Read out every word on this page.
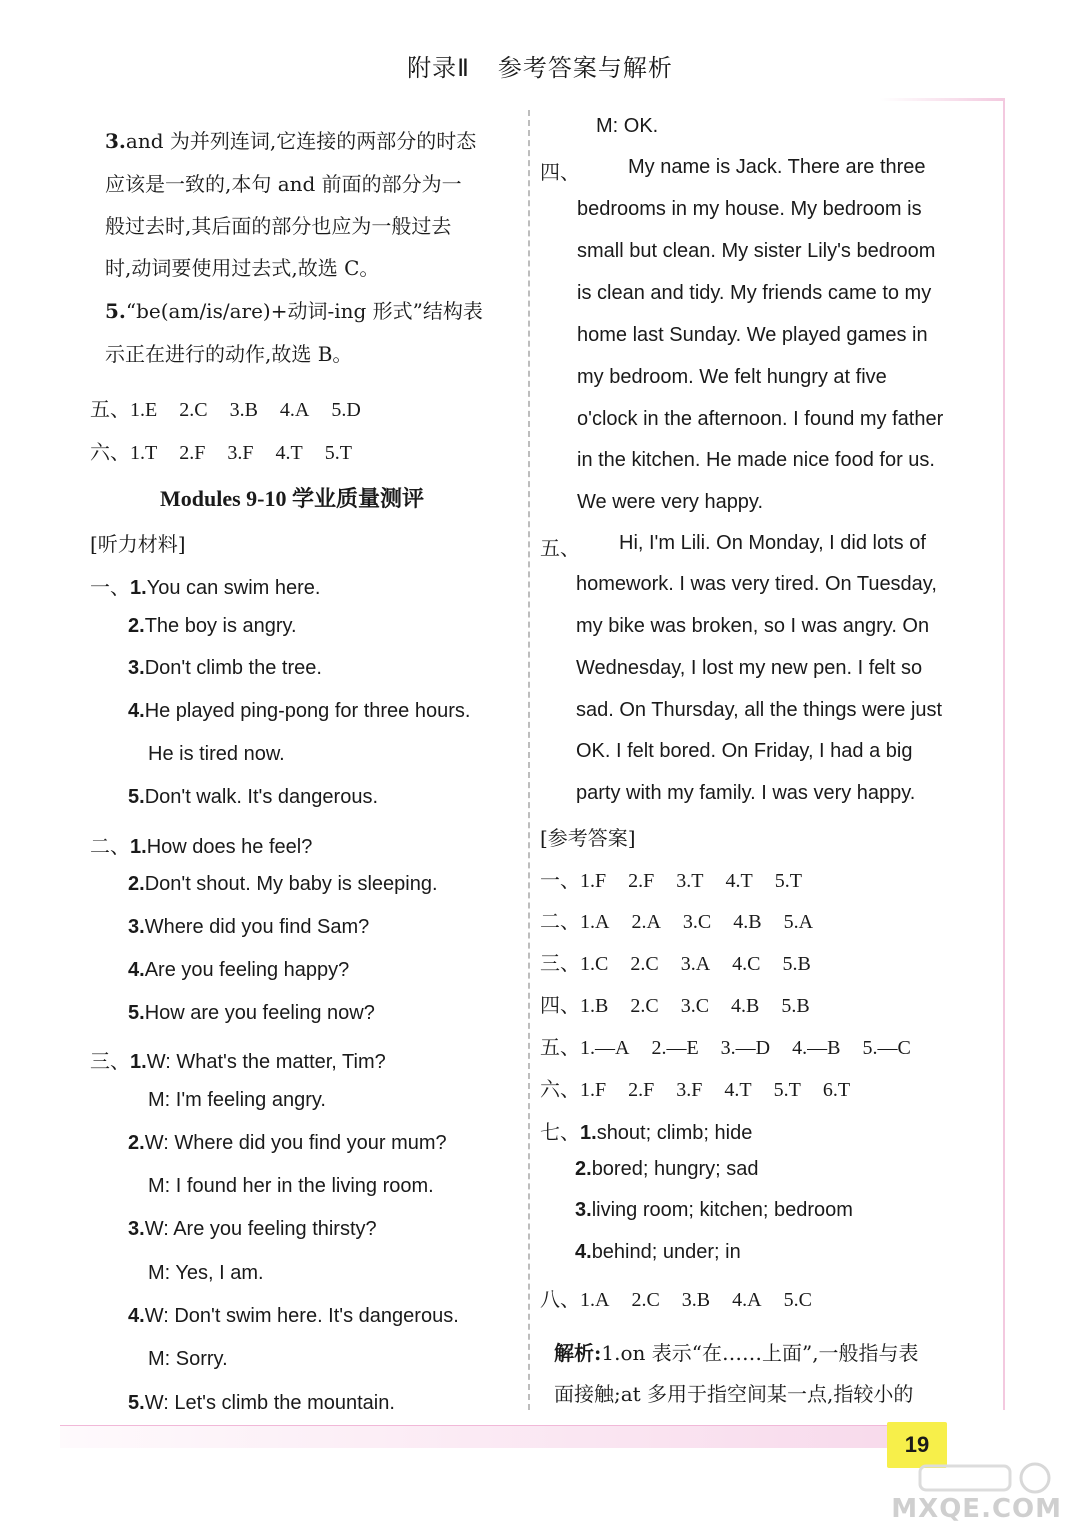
附录Ⅱ 参考答案与解析
3.and 为并列连词,它连接的两部分的时态
应该是一致的,本句 and 前面的部分为一
般过去时,其后面的部分也应为一般过去
时,动词要使用过去式,故选 C。
5.“be(am/is/are)+动词-ing 形式”结构表
示正在进行的动作,故选 B。
五、1.E 2.C 3.B 4.A 5.D
六、1.T 2.F 3.F 4.T 5.T
Modules 9-10 学业质量测评
[听力材料]
一、1.You can swim here.
2.The boy is angry.
3.Don't climb the tree.
4.He played ping-pong for three hours.
He is tired now.
5.Don't walk. It's dangerous.
二、1.How does he feel?
2.Don't shout. My baby is sleeping.
3.Where did you find Sam?
4.Are you feeling happy?
5.How are you feeling now?
三、1.W: What's the matter, Tim?
M: I'm feeling angry.
2.W: Where did you find your mum?
M: I found her in the living room.
3.W: Are you feeling thirsty?
M: Yes, I am.
4.W: Don't swim here. It's dangerous.
M: Sorry.
5.W: Let's climb the mountain.
M: OK.
四、 My name is Jack. There are three
bedrooms in my house. My bedroom is
small but clean. My sister Lily's bedroom
is clean and tidy. My friends came to my
home last Sunday. We played games in
my bedroom. We felt hungry at five
o'clock in the afternoon. I found my father
in the kitchen. He made nice food for us.
We were very happy.
五、 Hi, I'm Lili. On Monday, I did lots of
homework. I was very tired. On Tuesday,
my bike was broken, so I was angry. On
Wednesday, I lost my new pen. I felt so
sad. On Thursday, all the things were just
OK. I felt bored. On Friday, I had a big
party with my family. I was very happy.
[参考答案]
一、1.F 2.F 3.T 4.T 5.T
二、1.A 2.A 3.C 4.B 5.A
三、1.C 2.C 3.A 4.C 5.B
四、1.B 2.C 3.C 4.B 5.B
五、1.—A 2.—E 3.—D 4.—B 5.—C
六、1.F 2.F 3.F 4.T 5.T 6.T
七、1.shout; climb; hide
2.bored; hungry; sad
3.living room; kitchen; bedroom
4.behind; under; in
八、1.A 2.C 3.B 4.A 5.C
解析:1.on 表示“在……上面”,一般指与表
面接触;at 多用于指空间某一点,指较小的
19
MXQE.COM
